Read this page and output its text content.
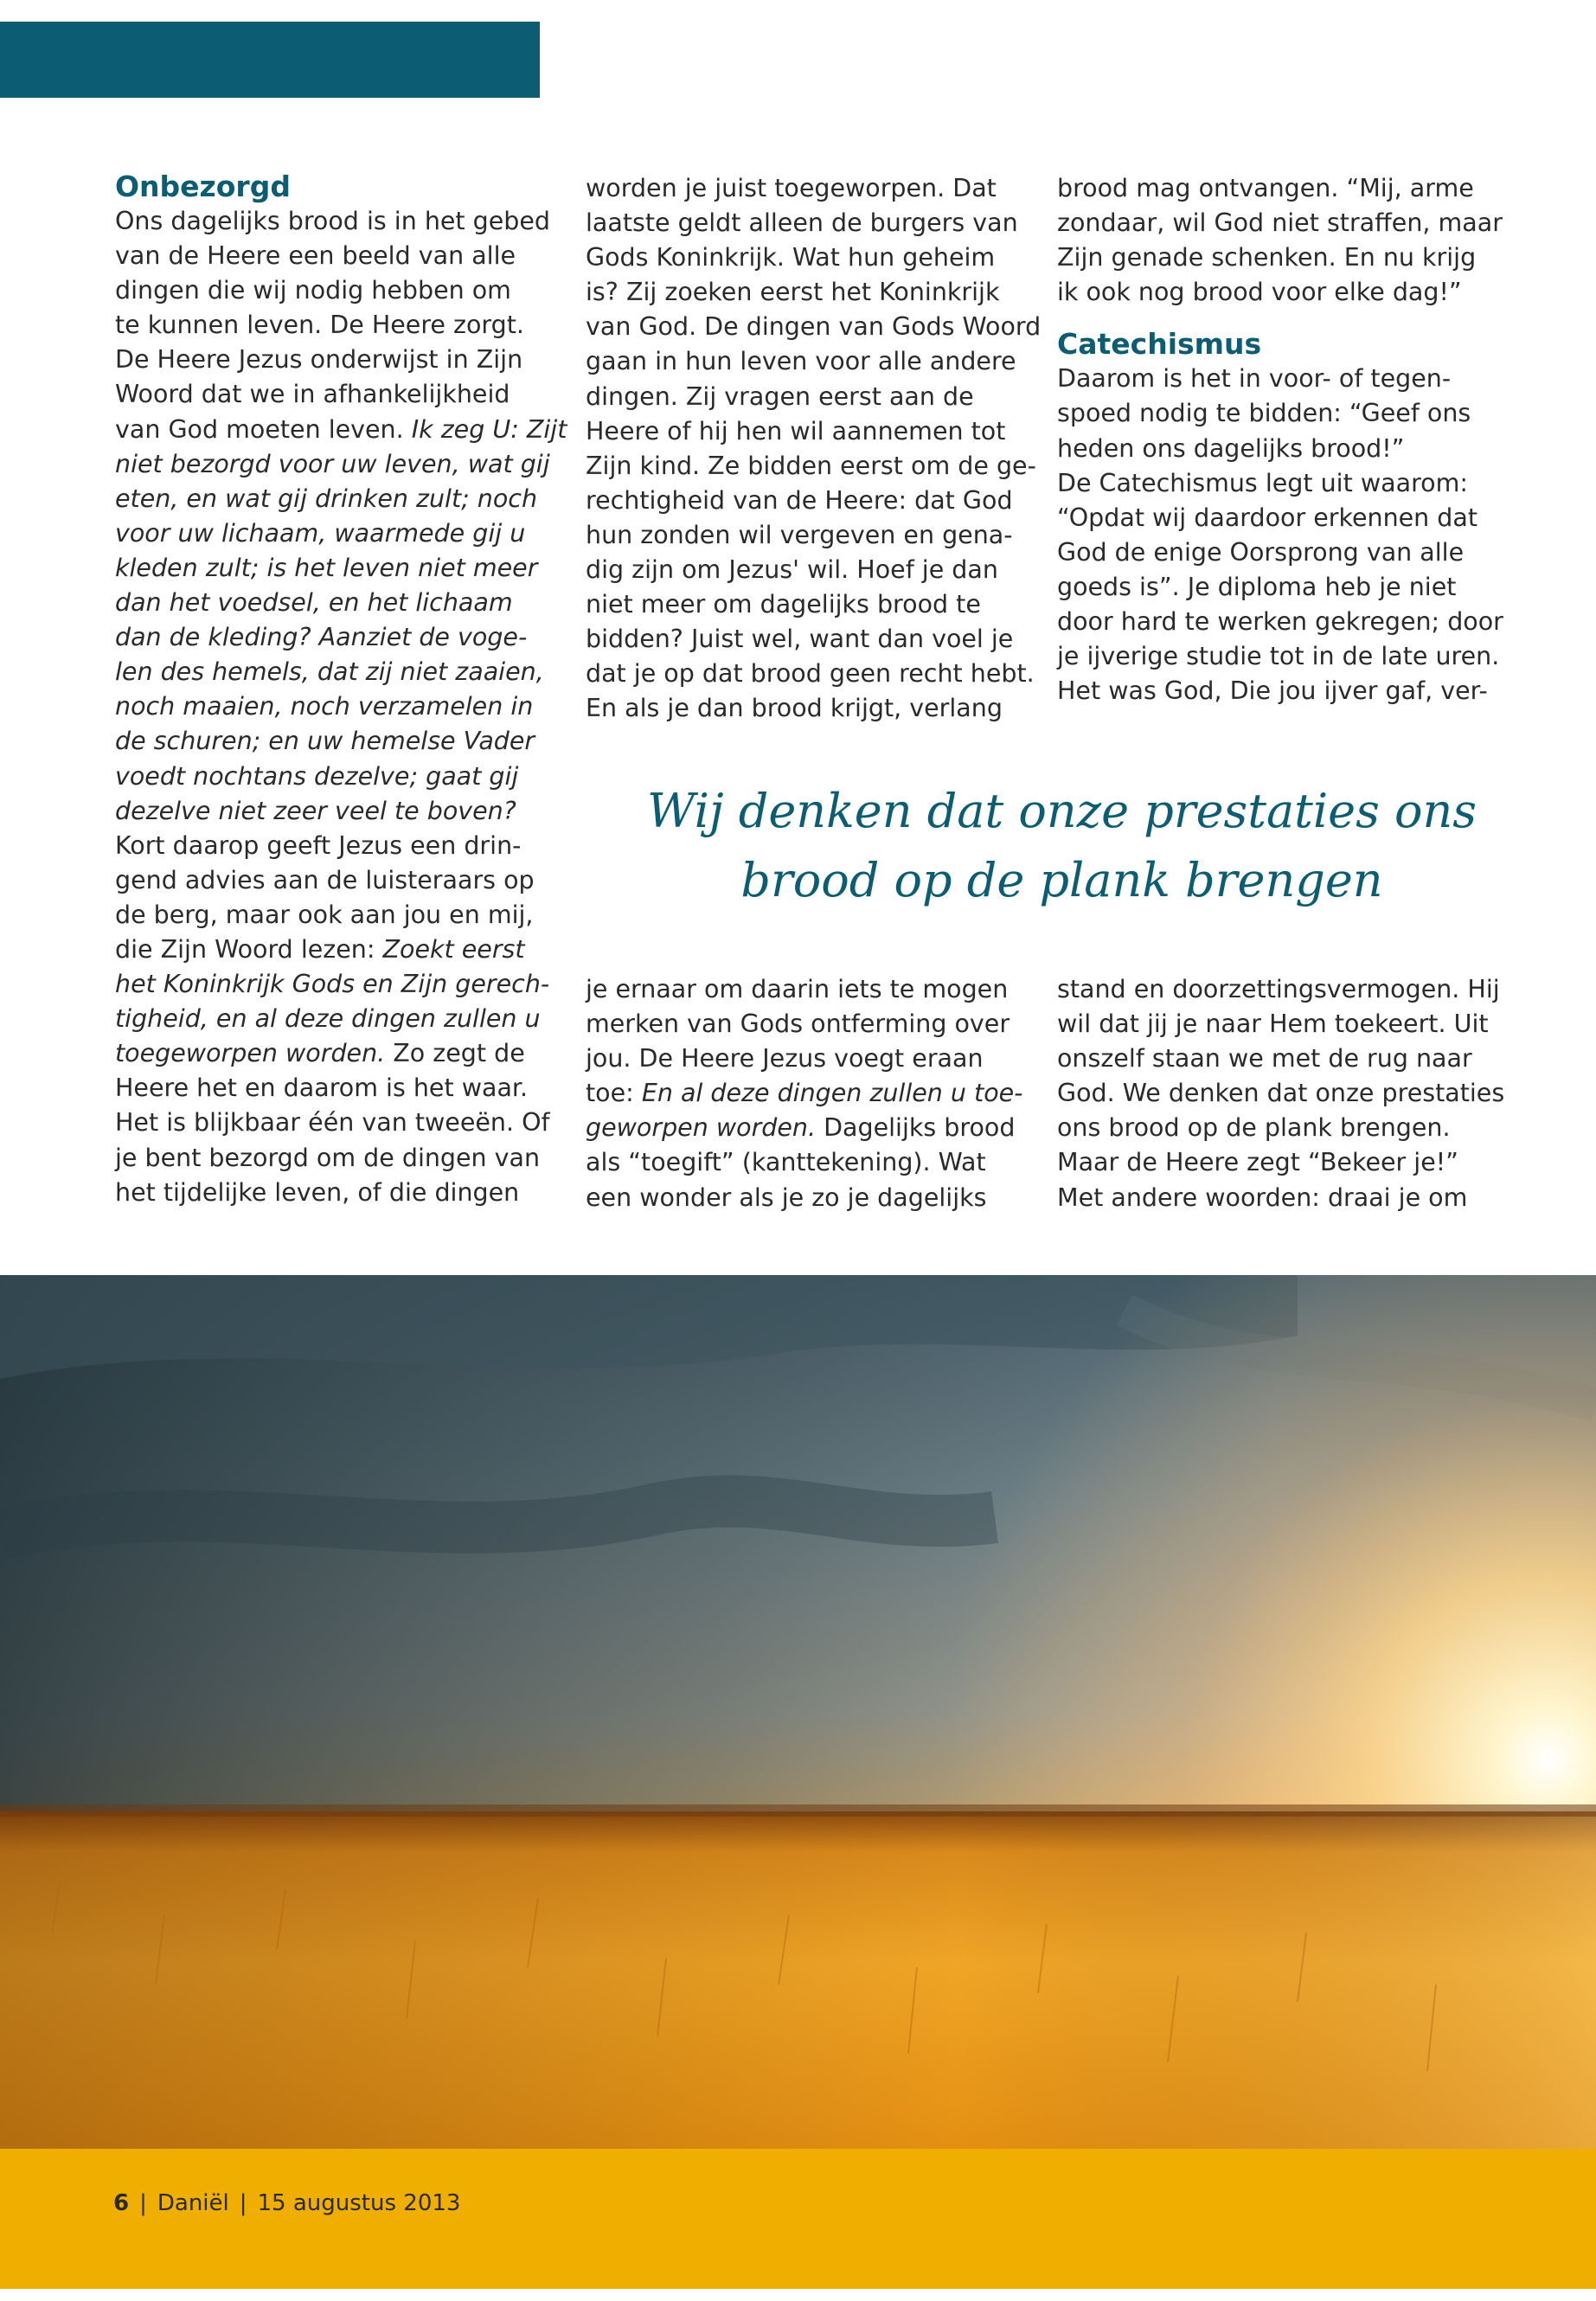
Onbezorgd
Ons dagelijks brood is in het gebed
van de Heere een beeld van alle
dingen die wij nodig hebben om
te kunnen leven. De Heere zorgt.
De Heere Jezus onderwijst in Zijn
Woord dat we in afhankelijkheid
van God moeten leven. Ik zeg U: Zijt
niet bezorgd voor uw leven, wat gij
eten, en wat gij drinken zult; noch
voor uw lichaam, waarmede gij u
kleden zult; is het leven niet meer
dan het voedsel, en het lichaam
dan de kleding? Aanziet de voge-
len des hemels, dat zij niet zaaien,
noch maaien, noch verzamelen in
de schuren; en uw hemelse Vader
voedt nochtans dezelve; gaat gij
dezelve niet zeer veel te boven?
Kort daarop geeft Jezus een drin-
gend advies aan de luisteraars op
de berg, maar ook aan jou en mij,
die Zijn Woord lezen: Zoekt eerst
het Koninkrijk Gods en Zijn gerech-
tigheid, en al deze dingen zullen u
toegeworpen worden. Zo zegt de
Heere het en daarom is het waar.
Het is blijkbaar één van tweeën. Of
je bent bezorgd om de dingen van
het tijdelijke leven, of die dingen
worden je juist toegeworpen. Dat
laatste geldt alleen de burgers van
Gods Koninkrijk. Wat hun geheim
is? Zij zoeken eerst het Koninkrijk
van God. De dingen van Gods Woord
gaan in hun leven voor alle andere
dingen. Zij vragen eerst aan de
Heere of hij hen wil aannemen tot
Zijn kind. Ze bidden eerst om de ge-
rechtigheid van de Heere: dat God
hun zonden wil vergeven en gena-
dig zijn om Jezus' wil. Hoef je dan
niet meer om dagelijks brood te
bidden? Juist wel, want dan voel je
dat je op dat brood geen recht hebt.
En als je dan brood krijgt, verlang
brood mag ontvangen. “Mij, arme
zondaar, wil God niet straffen, maar
Zijn genade schenken. En nu krijg
ik ook nog brood voor elke dag!”
Catechismus
Daarom is het in voor- of tegen-
spoed nodig te bidden: “Geef ons
heden ons dagelijks brood!”
De Catechismus legt uit waarom:
“Opdat wij daardoor erkennen dat
God de enige Oorsprong van alle
goeds is”. Je diploma heb je niet
door hard te werken gekregen; door
je ijverige studie tot in de late uren.
Het was God, Die jou ijver gaf, ver-
Wij denken dat onze prestaties ons
brood op de plank brengen
je ernaar om daarin iets te mogen
merken van Gods ontferming over
jou. De Heere Jezus voegt eraan
toe: En al deze dingen zullen u toe-
geworpen worden. Dagelijks brood
als “toegift” (kanttekening). Wat
een wonder als je zo je dagelijks
stand en doorzettingsvermogen. Hij
wil dat jij je naar Hem toekeert. Uit
onszelf staan we met de rug naar
God. We denken dat onze prestaties
ons brood op de plank brengen.
Maar de Heere zegt “Bekeer je!”
Met andere woorden: draai je om
6 | Daniël | 15 augustus 2013
